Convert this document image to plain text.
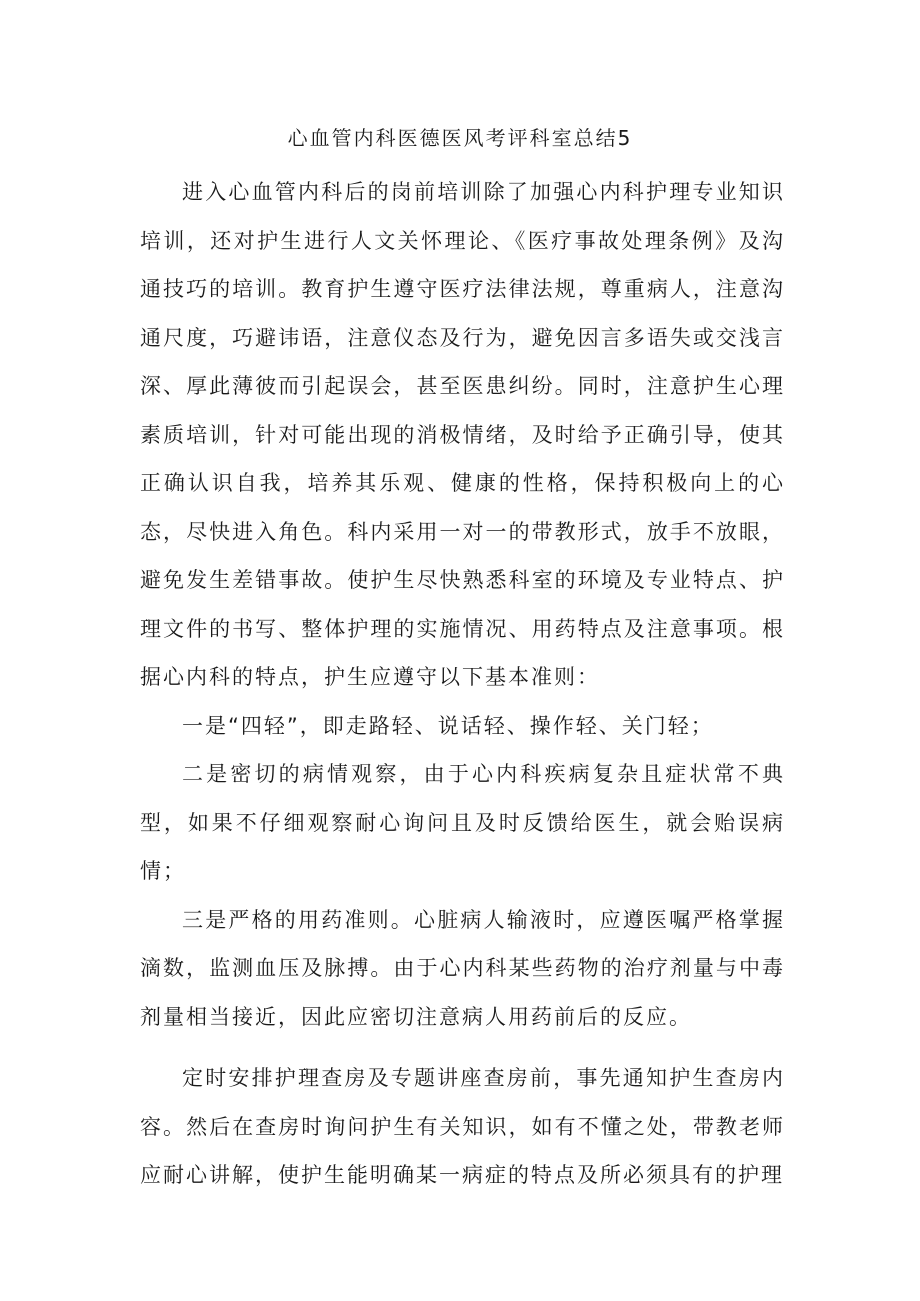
心血管内科医德医风考评科室总结5

进入心血管内科后的岗前培训除了加强心内科护理专业知识培训，还对护生进行人文关怀理论、《医疗事故处理条例》及沟通技巧的培训。教育护生遵守医疗法律法规，尊重病人，注意沟通尺度，巧避讳语，注意仪态及行为，避免因言多语失或交浅言深、厚此薄彼而引起误会，甚至医患纠纷。同时，注意护生心理素质培训，针对可能出现的消极情绪，及时给予正确引导，使其正确认识自我，培养其乐观、健康的性格，保持积极向上的心态，尽快进入角色。科内采用一对一的带教形式，放手不放眼，避免发生差错事故。使护生尽快熟悉科室的环境及专业特点、护理文件的书写、整体护理的实施情况、用药特点及注意事项。根据心内科的特点，护生应遵守以下基本准则：

一是“四轻”，即走路轻、说话轻、操作轻、关门轻；

二是密切的病情观察，由于心内科疾病复杂且症状常不典型，如果不仔细观察耐心询问且及时反馈给医生，就会贻误病情；

三是严格的用药准则。心脏病人输液时，应遵医嘱严格掌握滴数，监测血压及脉搏。由于心内科某些药物的治疗剂量与中毒剂量相当接近，因此应密切注意病人用药前后的反应。

定时安排护理查房及专题讲座查房前，事先通知护生查房内容。然后在查房时询问护生有关知识，如有不懂之处，带教老师应耐心讲解，使护生能明确某一病症的特点及所必须具有的护理
